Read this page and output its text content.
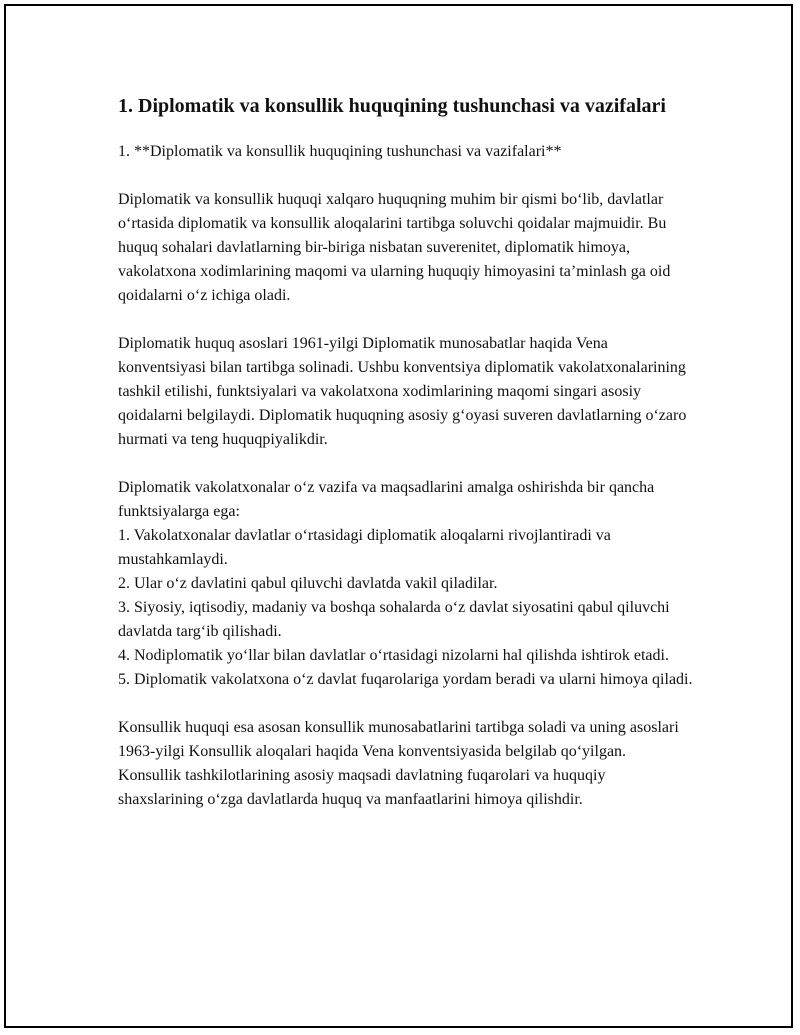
1. Diplomatik va konsullik huquqining tushunchasi va vazifalari

1. **Diplomatik va konsullik huquqining tushunchasi va vazifalari**

Diplomatik va konsullik huquqi xalqaro huquqning muhim bir qismi boʻlib, davlatlar oʻrtasida diplomatik va konsullik aloqalarini tartibga soluvchi qoidalar majmuidir. Bu huquq sohalari davlatlarning bir-biriga nisbatan suverenitet, diplomatik himoya, vakolatxona xodimlarining maqomi va ularning huquqiy himoyasini taʼminlash ga oid qoidalarni oʻz ichiga oladi.

Diplomatik huquq asoslari 1961-yilgi Diplomatik munosabatlar haqida Vena konventsiyasi bilan tartibga solinadi. Ushbu konventsiya diplomatik vakolatxonalarining tashkil etilishi, funktsiyalari va vakolatxona xodimlarining maqomi singari asosiy qoidalarni belgilaydi. Diplomatik huquqning asosiy gʻoyasi suveren davlatlarning oʻzaro hurmati va teng huquqpiyalikdir.

Diplomatik vakolatxonalar oʻz vazifa va maqsadlarini amalga oshirishda bir qancha funktsiyalarga ega:

1. Vakolatxonalar davlatlar oʻrtasidagi diplomatik aloqalarni rivojlantiradi va mustahkamlaydi.
2. Ular oʻz davlatini qabul qiluvchi davlatda vakil qiladilar.
3. Siyosiy, iqtisodiy, madaniy va boshqa sohalarda oʻz davlat siyosatini qabul qiluvchi davlatda targʻib qilishadi.
4. Nodiplomatik yoʻllar bilan davlatlar oʻrtasidagi nizolarni hal qilishda ishtirok etadi.
5. Diplomatik vakolatxona oʻz davlat fuqarolariga yordam beradi va ularni himoya qiladi.

Konsullik huquqi esa asosan konsullik munosabatlarini tartibga soladi va uning asoslari 1963-yilgi Konsullik aloqalari haqida Vena konventsiyasida belgilab qoʻyilgan. Konsullik tashkilotlarining asosiy maqsadi davlatning fuqarolari va huquqiy shaxslarining oʻzga davlatlarda huquq va manfaatlarini himoya qilishdir.
